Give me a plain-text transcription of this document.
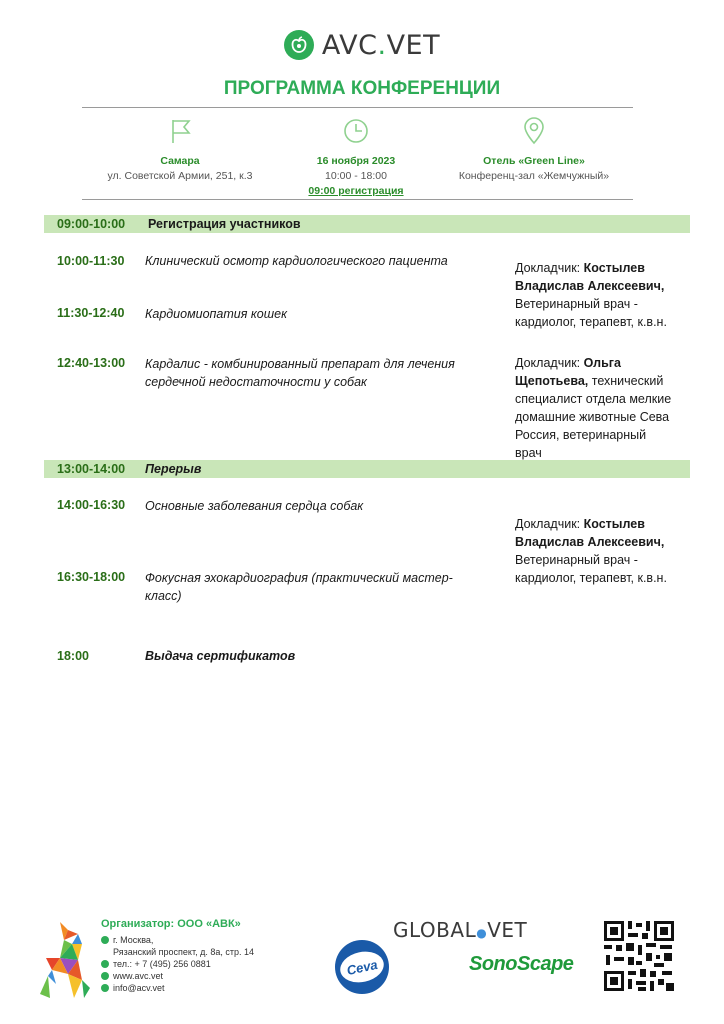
AVC.VET
ПРОГРАММА КОНФЕРЕНЦИИ
Самара
ул. Советской Армии, 251, к.3
16 ноября 2023
10:00 - 18:00
09:00 регистрация
Отель «Green Line»
Конференц-зал «Жемчужный»
09:00-10:00 Регистрация участников
10:00-11:30 Клинический осмотр кардиологического пациента
11:30-12:40 Кардиомиопатия кошек
Докладчик: Костылев
Владислав Алексеевич,
Ветеринарный врач -
кардиолог, терапевт, к.в.н.
12:40-13:00 Кардалис - комбинированный препарат для лечения
сердечной недостаточности у собак
Докладчик: Ольга
Щепотьева, технический
специалист отдела мелкие
домашние животные Сева
Россия, ветеринарный
врач
13:00-14:00 Перерыв
14:00-16:30 Основные заболевания сердца собак
Докладчик: Костылев
Владислав Алексеевич,
Ветеринарный врач -
кардиолог, терапевт, к.в.н.
16:30-18:00 Фокусная эхокардиография (практический мастер-
класс)
18:00	Выдача сертификатов
Организатор: ООО «АВК»
г. Москва,
Рязанский проспект, д. 8а, стр. 14
тел.: + 7 (495) 256 0881
www.avc.vet
info@acv.vet
Ceva
GLOBAL●VET
SonoScape
